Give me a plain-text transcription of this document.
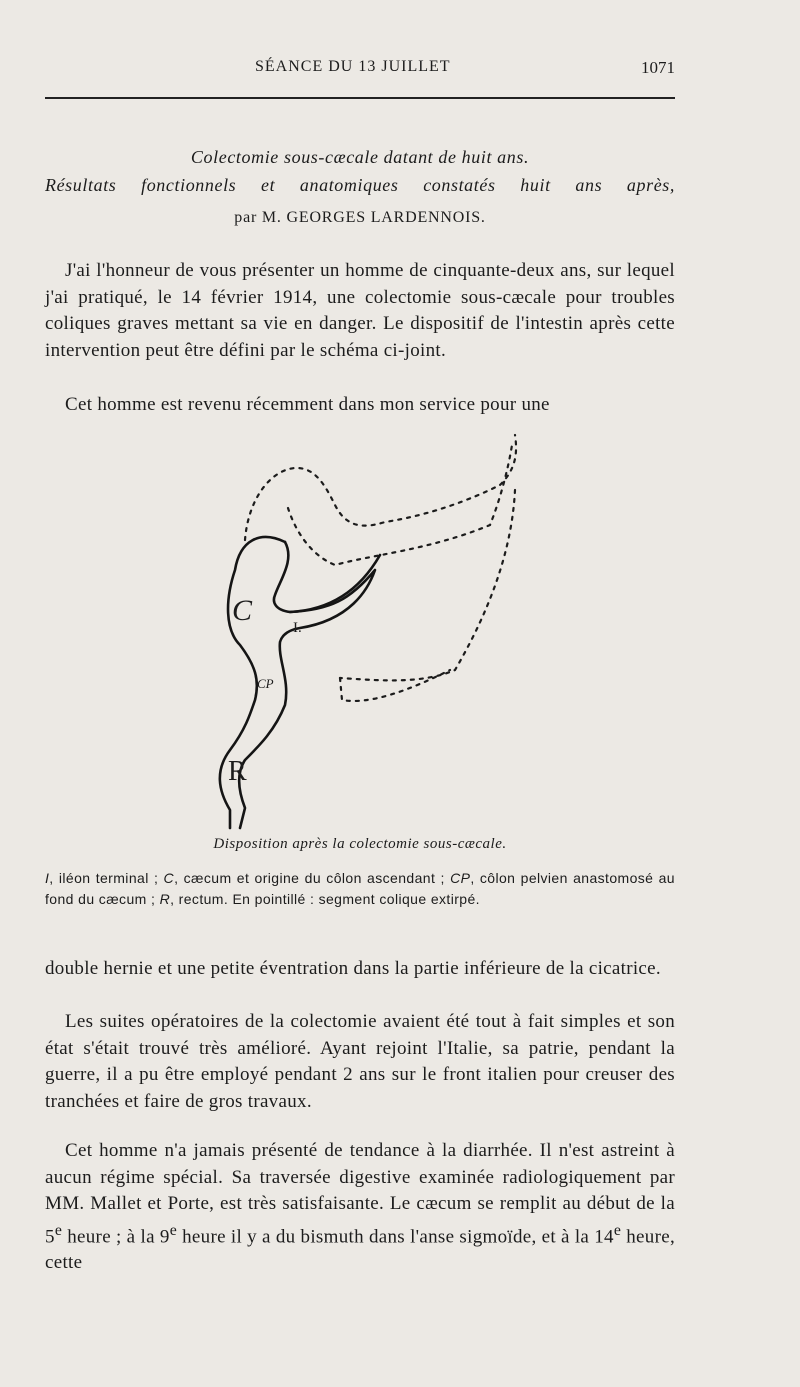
SÉANCE DU 13 JUILLET	1071
Colectomie sous-cæcale datant de huit ans.
Résultats fonctionnels et anatomiques constatés huit ans après,
par M. GEORGES LARDENNOIS.

J'ai l'honneur de vous présenter un homme de cinquante-deux ans, sur lequel j'ai pratiqué, le 14 février 1914, une colectomie sous-cæcale pour troubles coliques graves mettant sa vie en danger. Le dispositif de l'intestin après cette intervention peut être défini par le schéma ci-joint.

Cet homme est revenu récemment dans mon service pour une

C
I.
CP
R
Disposition après la colectomie sous-cæcale.
I, iléon terminal ; C, cæcum et origine du côlon ascendant ; CP, côlon pelvien anastomosé au fond du cæcum ; R, rectum. En pointillé : segment colique extirpé.

double hernie et une petite éventration dans la partie inférieure de la cicatrice.

Les suites opératoires de la colectomie avaient été tout à fait simples et son état s'était trouvé très amélioré. Ayant rejoint l'Italie, sa patrie, pendant la guerre, il a pu être employé pendant 2 ans sur le front italien pour creuser des tranchées et faire de gros travaux.

Cet homme n'a jamais présenté de tendance à la diarrhée. Il n'est astreint à aucun régime spécial. Sa traversée digestive examinée radiologiquement par MM. Mallet et Porte, est très satisfaisante. Le cæcum se remplit au début de la 5e heure ; à la 9e heure il y a du bismuth dans l'anse sigmoïde, et à la 14e heure, cette
